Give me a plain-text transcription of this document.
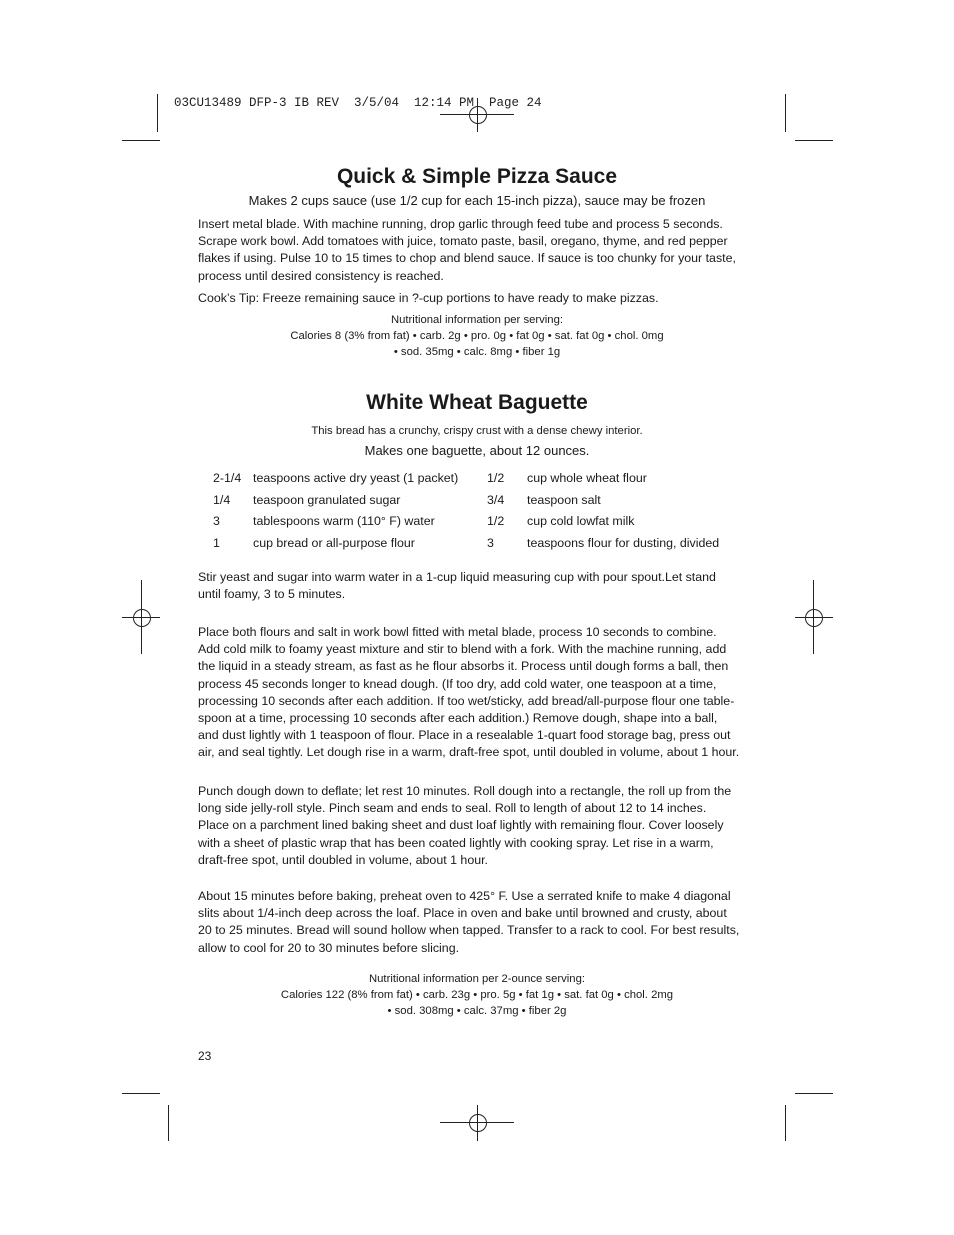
03CU13489 DFP-3 IB REV  3/5/04  12:14 PM  Page 24
Quick & Simple Pizza Sauce
Makes 2 cups sauce (use 1/2 cup for each 15-inch pizza), sauce may be frozen
Insert metal blade. With machine running, drop garlic through feed tube and process 5 seconds.
Scrape work bowl. Add tomatoes with juice, tomato paste, basil, oregano, thyme, and red pepper
flakes if using. Pulse 10 to 15 times to chop and blend sauce. If sauce is too chunky for your taste,
process until desired consistency is reached.
Cook’s Tip: Freeze remaining sauce in ?-cup portions to have ready to make pizzas.
Nutritional information per serving:
Calories 8 (3% from fat) • carb. 2g • pro. 0g • fat 0g • sat. fat 0g • chol. 0mg
• sod. 35mg • calc. 8mg • fiber 1g
White Wheat Baguette
This bread has a crunchy, crispy crust with a dense chewy interior.
Makes one baguette, about 12 ounces.
2-1/4	teaspoons active dry yeast (1 packet)	1/2	cup whole wheat flour
1/4	teaspoon granulated sugar	3/4	teaspoon salt
3	tablespoons warm (110° F) water	1/2	cup cold lowfat milk
1	cup bread or all-purpose flour	3	teaspoons flour for dusting, divided
Stir yeast and sugar into warm water in a 1-cup liquid measuring cup with pour spout.Let stand
until foamy, 3 to 5 minutes.
Place both flours and salt in work bowl fitted with metal blade, process 10 seconds to combine.
Add cold milk to foamy yeast mixture and stir to blend with a fork. With the machine running, add
the liquid in a steady stream, as fast as he flour absorbs it. Process until dough forms a ball, then
process 45 seconds longer to knead dough. (If too dry, add cold water, one teaspoon at a time,
processing 10 seconds after each addition. If too wet/sticky, add bread/all-purpose flour one table-
spoon at a time, processing 10 seconds after each addition.) Remove dough, shape into a ball,
and dust lightly with 1 teaspoon of flour. Place in a resealable 1-quart food storage bag, press out
air, and seal tightly. Let dough rise in a warm, draft-free spot, until doubled in volume, about 1 hour.
Punch dough down to deflate; let rest 10 minutes. Roll dough into a rectangle, the roll up from the
long side jelly-roll style. Pinch seam and ends to seal. Roll to length of about 12 to 14 inches.
Place on a parchment lined baking sheet and dust loaf lightly with remaining flour. Cover loosely
with a sheet of plastic wrap that has been coated lightly with cooking spray. Let rise in a warm,
draft-free spot, until doubled in volume, about 1 hour.
About 15 minutes before baking, preheat oven to 425° F. Use a serrated knife to make 4 diagonal
slits about 1/4-inch deep across the loaf. Place in oven and bake until browned and crusty, about
20 to 25 minutes. Bread will sound hollow when tapped. Transfer to a rack to cool. For best results,
allow to cool for 20 to 30 minutes before slicing.
Nutritional information per 2-ounce serving:
Calories 122 (8% from fat) • carb. 23g • pro. 5g • fat 1g • sat. fat 0g • chol. 2mg
• sod. 308mg • calc. 37mg • fiber 2g
23
